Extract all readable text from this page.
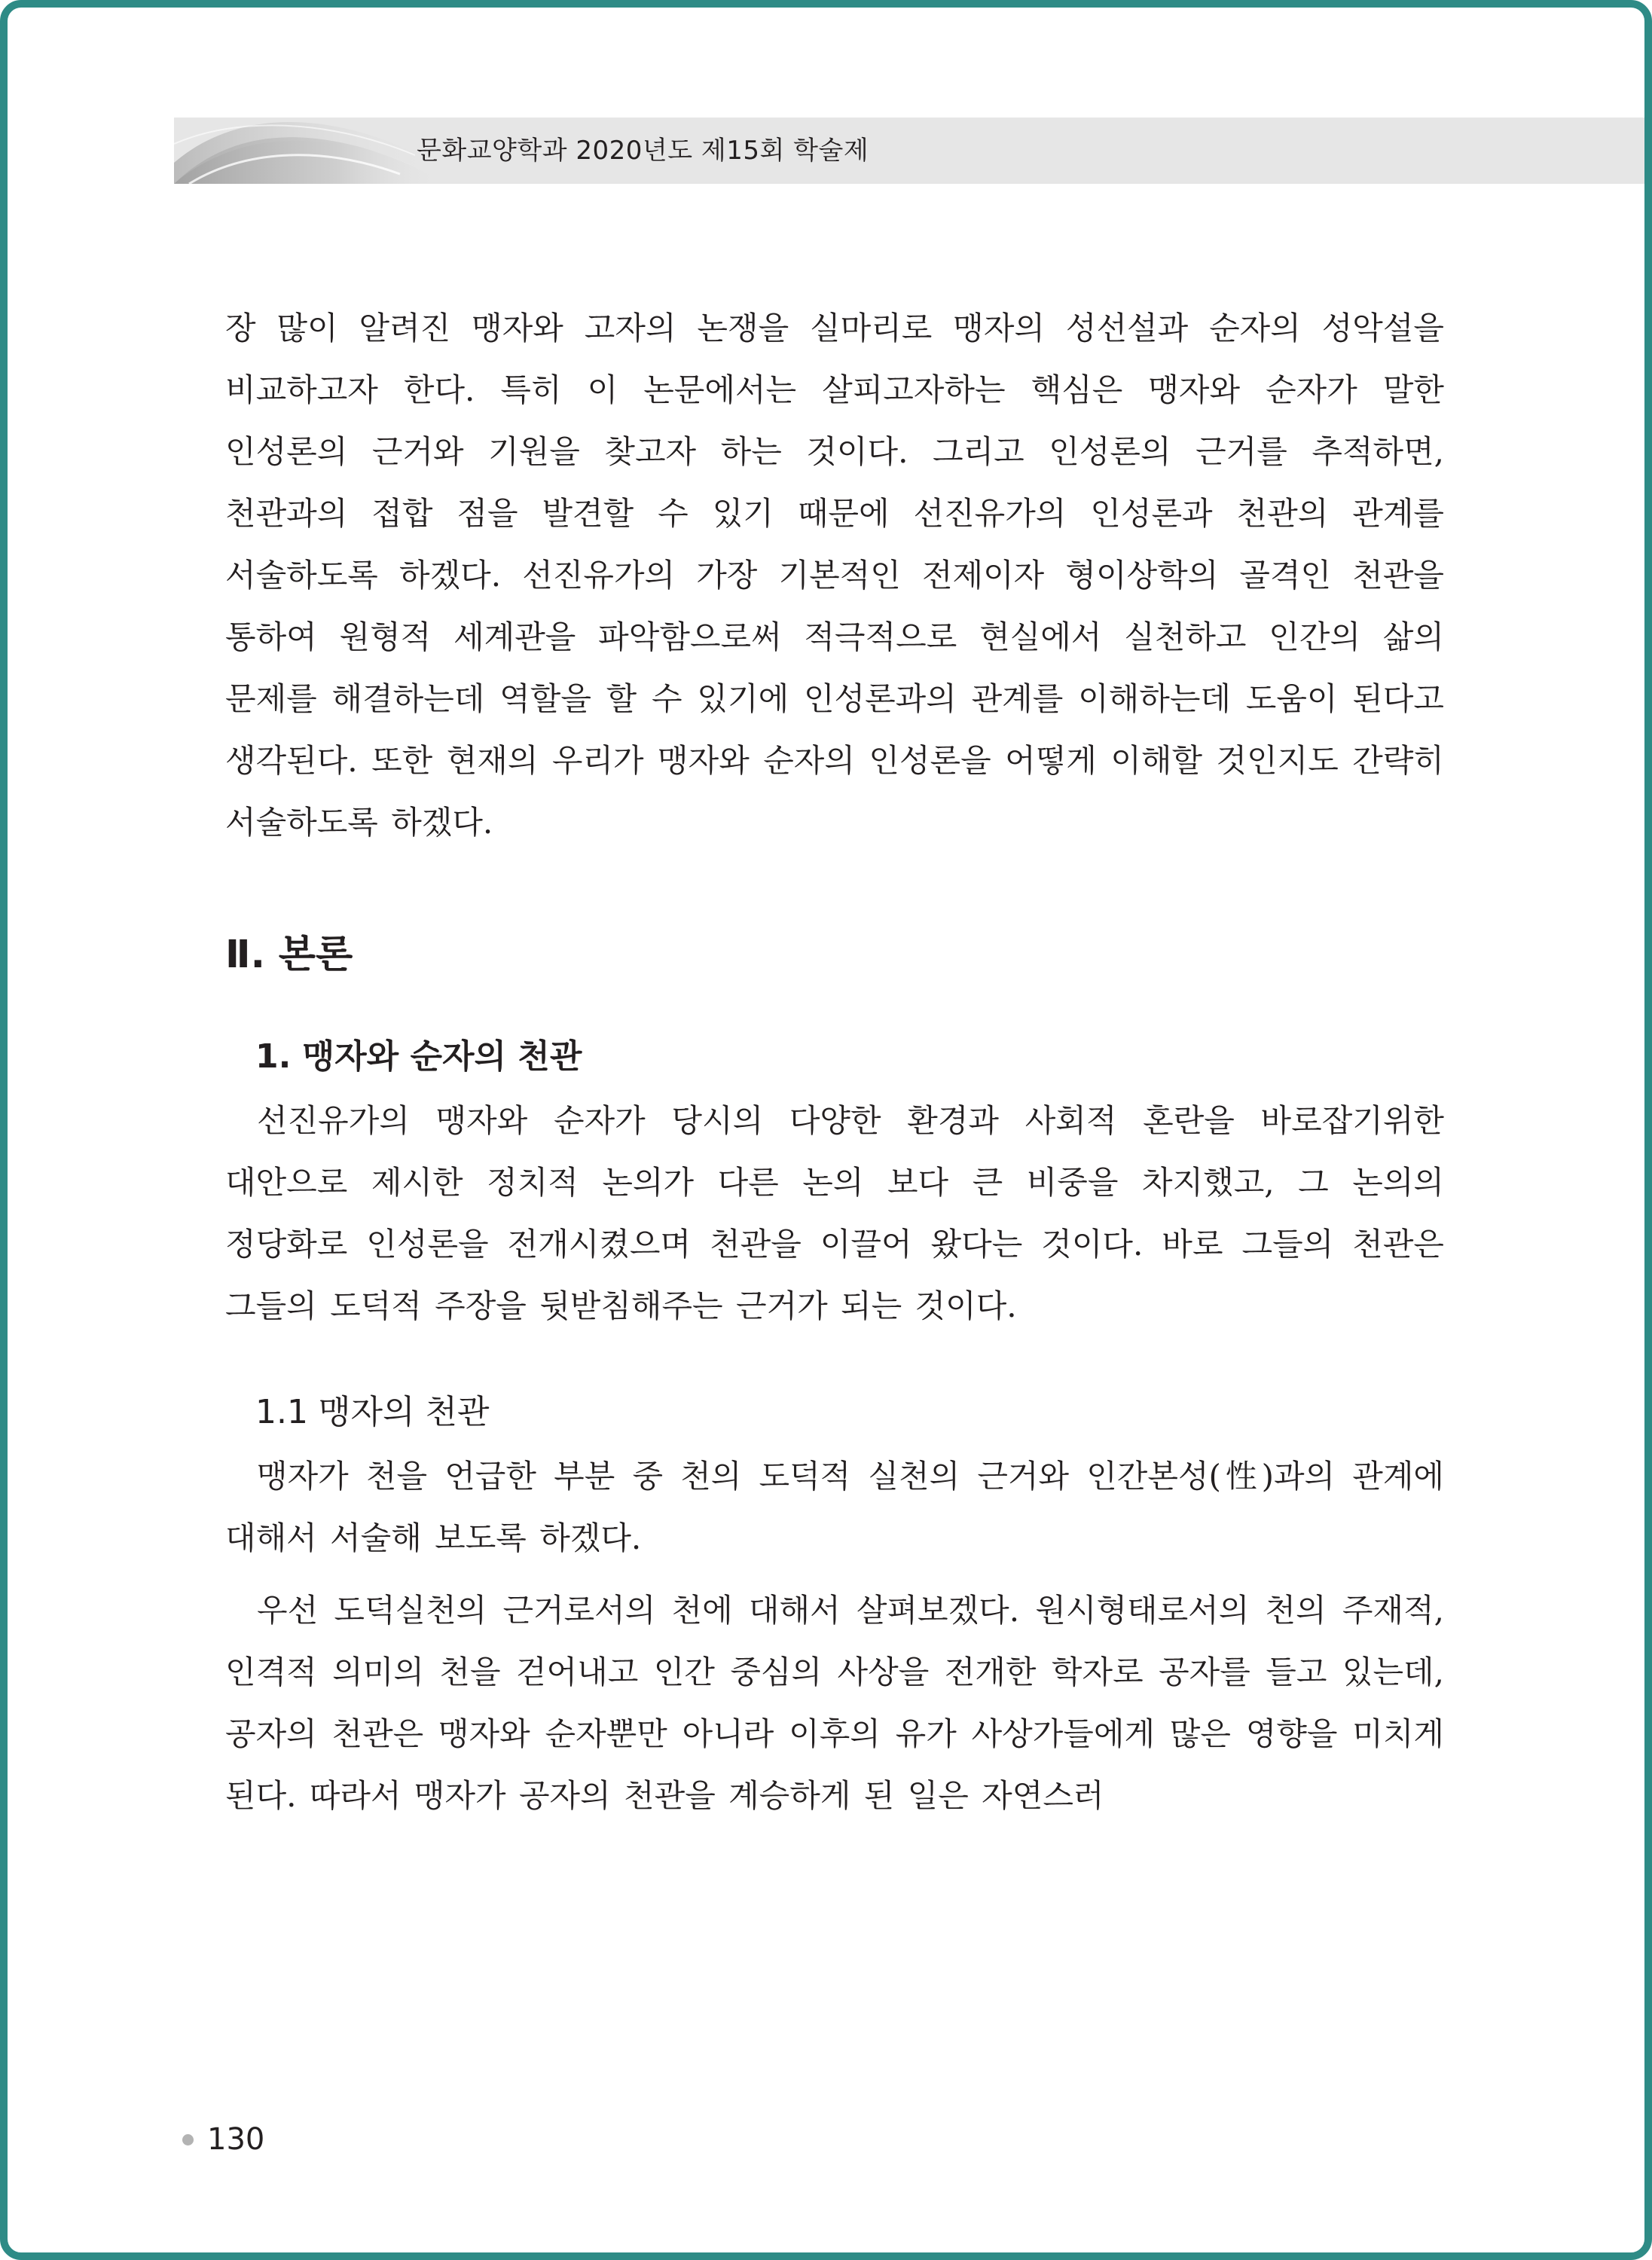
문화교양학과 2020년도 제15회 학술제

장 많이 알려진 맹자와 고자의 논쟁을 실마리로 맹자의 성선설과 순자의 성악설을 비교하고자 한다. 특히 이 논문에서는 살피고자하는 핵심은 맹자와 순자가 말한 인성론의 근거와 기원을 찾고자 하는 것이다. 그리고 인성론의 근거를 추적하면, 천관과의 접합 점을 발견할 수 있기 때문에 선진유가의 인성론과 천관의 관계를 서술하도록 하겠다. 선진유가의 가장 기본적인 전제이자 형이상학의 골격인 천관을 통하여 원형적 세계관을 파악함으로써 적극적으로 현실에서 실천하고 인간의 삶의 문제를 해결하는데 역할을 할 수 있기에 인성론과의 관계를 이해하는데 도움이 된다고 생각된다. 또한 현재의 우리가 맹자와 순자의 인성론을 어떻게 이해할 것인지도 간략히 서술하도록 하겠다.

Ⅱ. 본론
1. 맹자와 순자의 천관

선진유가의 맹자와 순자가 당시의 다양한 환경과 사회적 혼란을 바로잡기위한 대안으로 제시한 정치적 논의가 다른 논의 보다 큰 비중을 차지했고, 그 논의의 정당화로 인성론을 전개시켰으며 천관을 이끌어 왔다는 것이다. 바로 그들의 천관은 그들의 도덕적 주장을 뒷받침해주는 근거가 되는 것이다.

1.1 맹자의 천관

맹자가 천을 언급한 부분 중 천의 도덕적 실천의 근거와 인간본성(性)과의 관계에 대해서 서술해 보도록 하겠다.

우선 도덕실천의 근거로서의 천에 대해서 살펴보겠다. 원시형태로서의 천의 주재적, 인격적 의미의 천을 걷어내고 인간 중심의 사상을 전개한 학자로 공자를 들고 있는데, 공자의 천관은 맹자와 순자뿐만 아니라 이후의 유가 사상가들에게 많은 영향을 미치게 된다. 따라서 맹자가 공자의 천관을 계승하게 된 일은 자연스러

130
